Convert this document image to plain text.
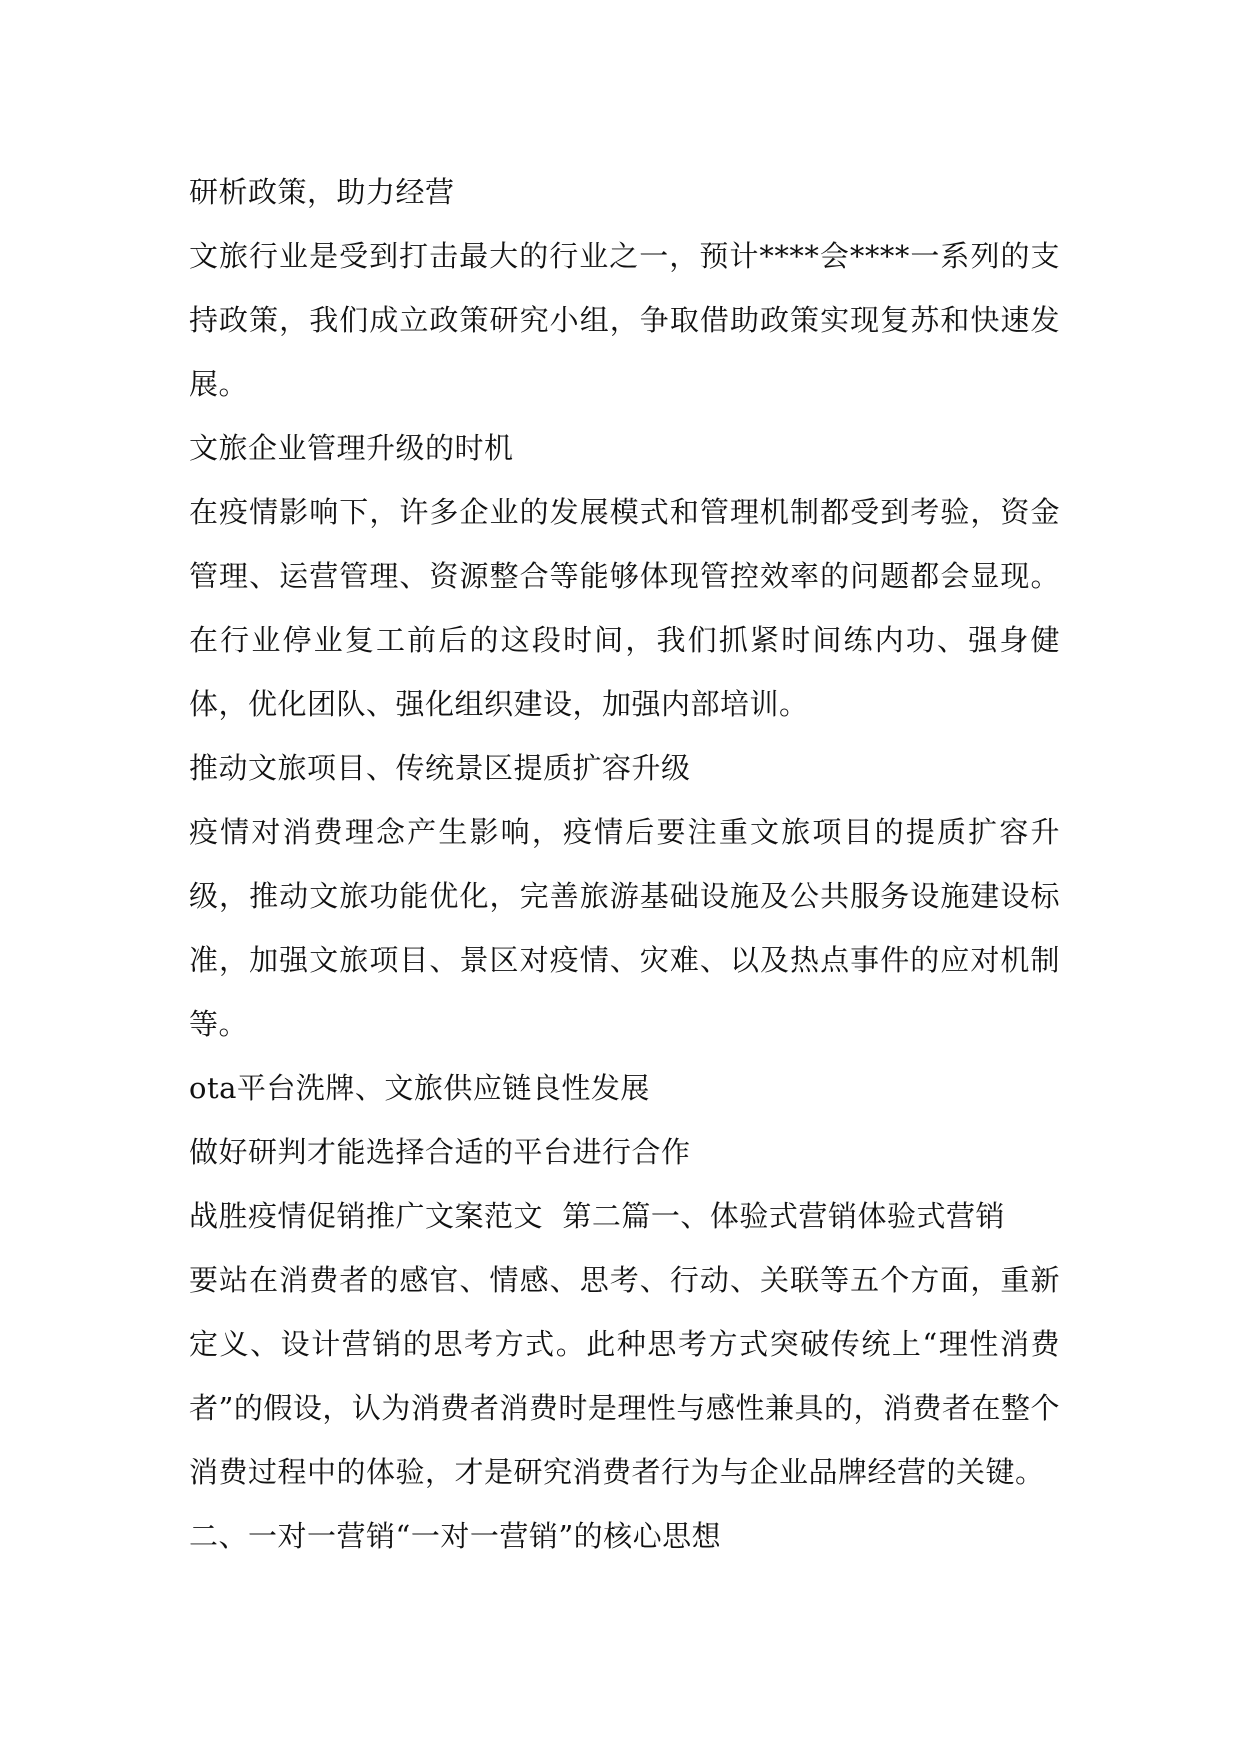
研析政策，助力经营

文旅行业是受到打击最大的行业之一，预计****会****一系列的支持政策，我们成立政策研究小组，争取借助政策实现复苏和快速发展。

文旅企业管理升级的时机

在疫情影响下，许多企业的发展模式和管理机制都受到考验，资金管理、运营管理、资源整合等能够体现管控效率的问题都会显现。在行业停业复工前后的这段时间，我们抓紧时间练内功、强身健体，优化团队、强化组织建设，加强内部培训。

推动文旅项目、传统景区提质扩容升级

疫情对消费理念产生影响，疫情后要注重文旅项目的提质扩容升级，推动文旅功能优化，完善旅游基础设施及公共服务设施建设标准，加强文旅项目、景区对疫情、灾难、以及热点事件的应对机制等。

ota平台洗牌、文旅供应链良性发展

做好研判才能选择合适的平台进行合作

战胜疫情促销推广文案范文  第二篇一、体验式营销体验式营销

要站在消费者的感官、情感、思考、行动、关联等五个方面，重新定义、设计营销的思考方式。此种思考方式突破传统上“理性消费者”的假设，认为消费者消费时是理性与感性兼具的，消费者在整个消费过程中的体验，才是研究消费者行为与企业品牌经营的关键。

二、一对一营销“一对一营销”的核心思想
